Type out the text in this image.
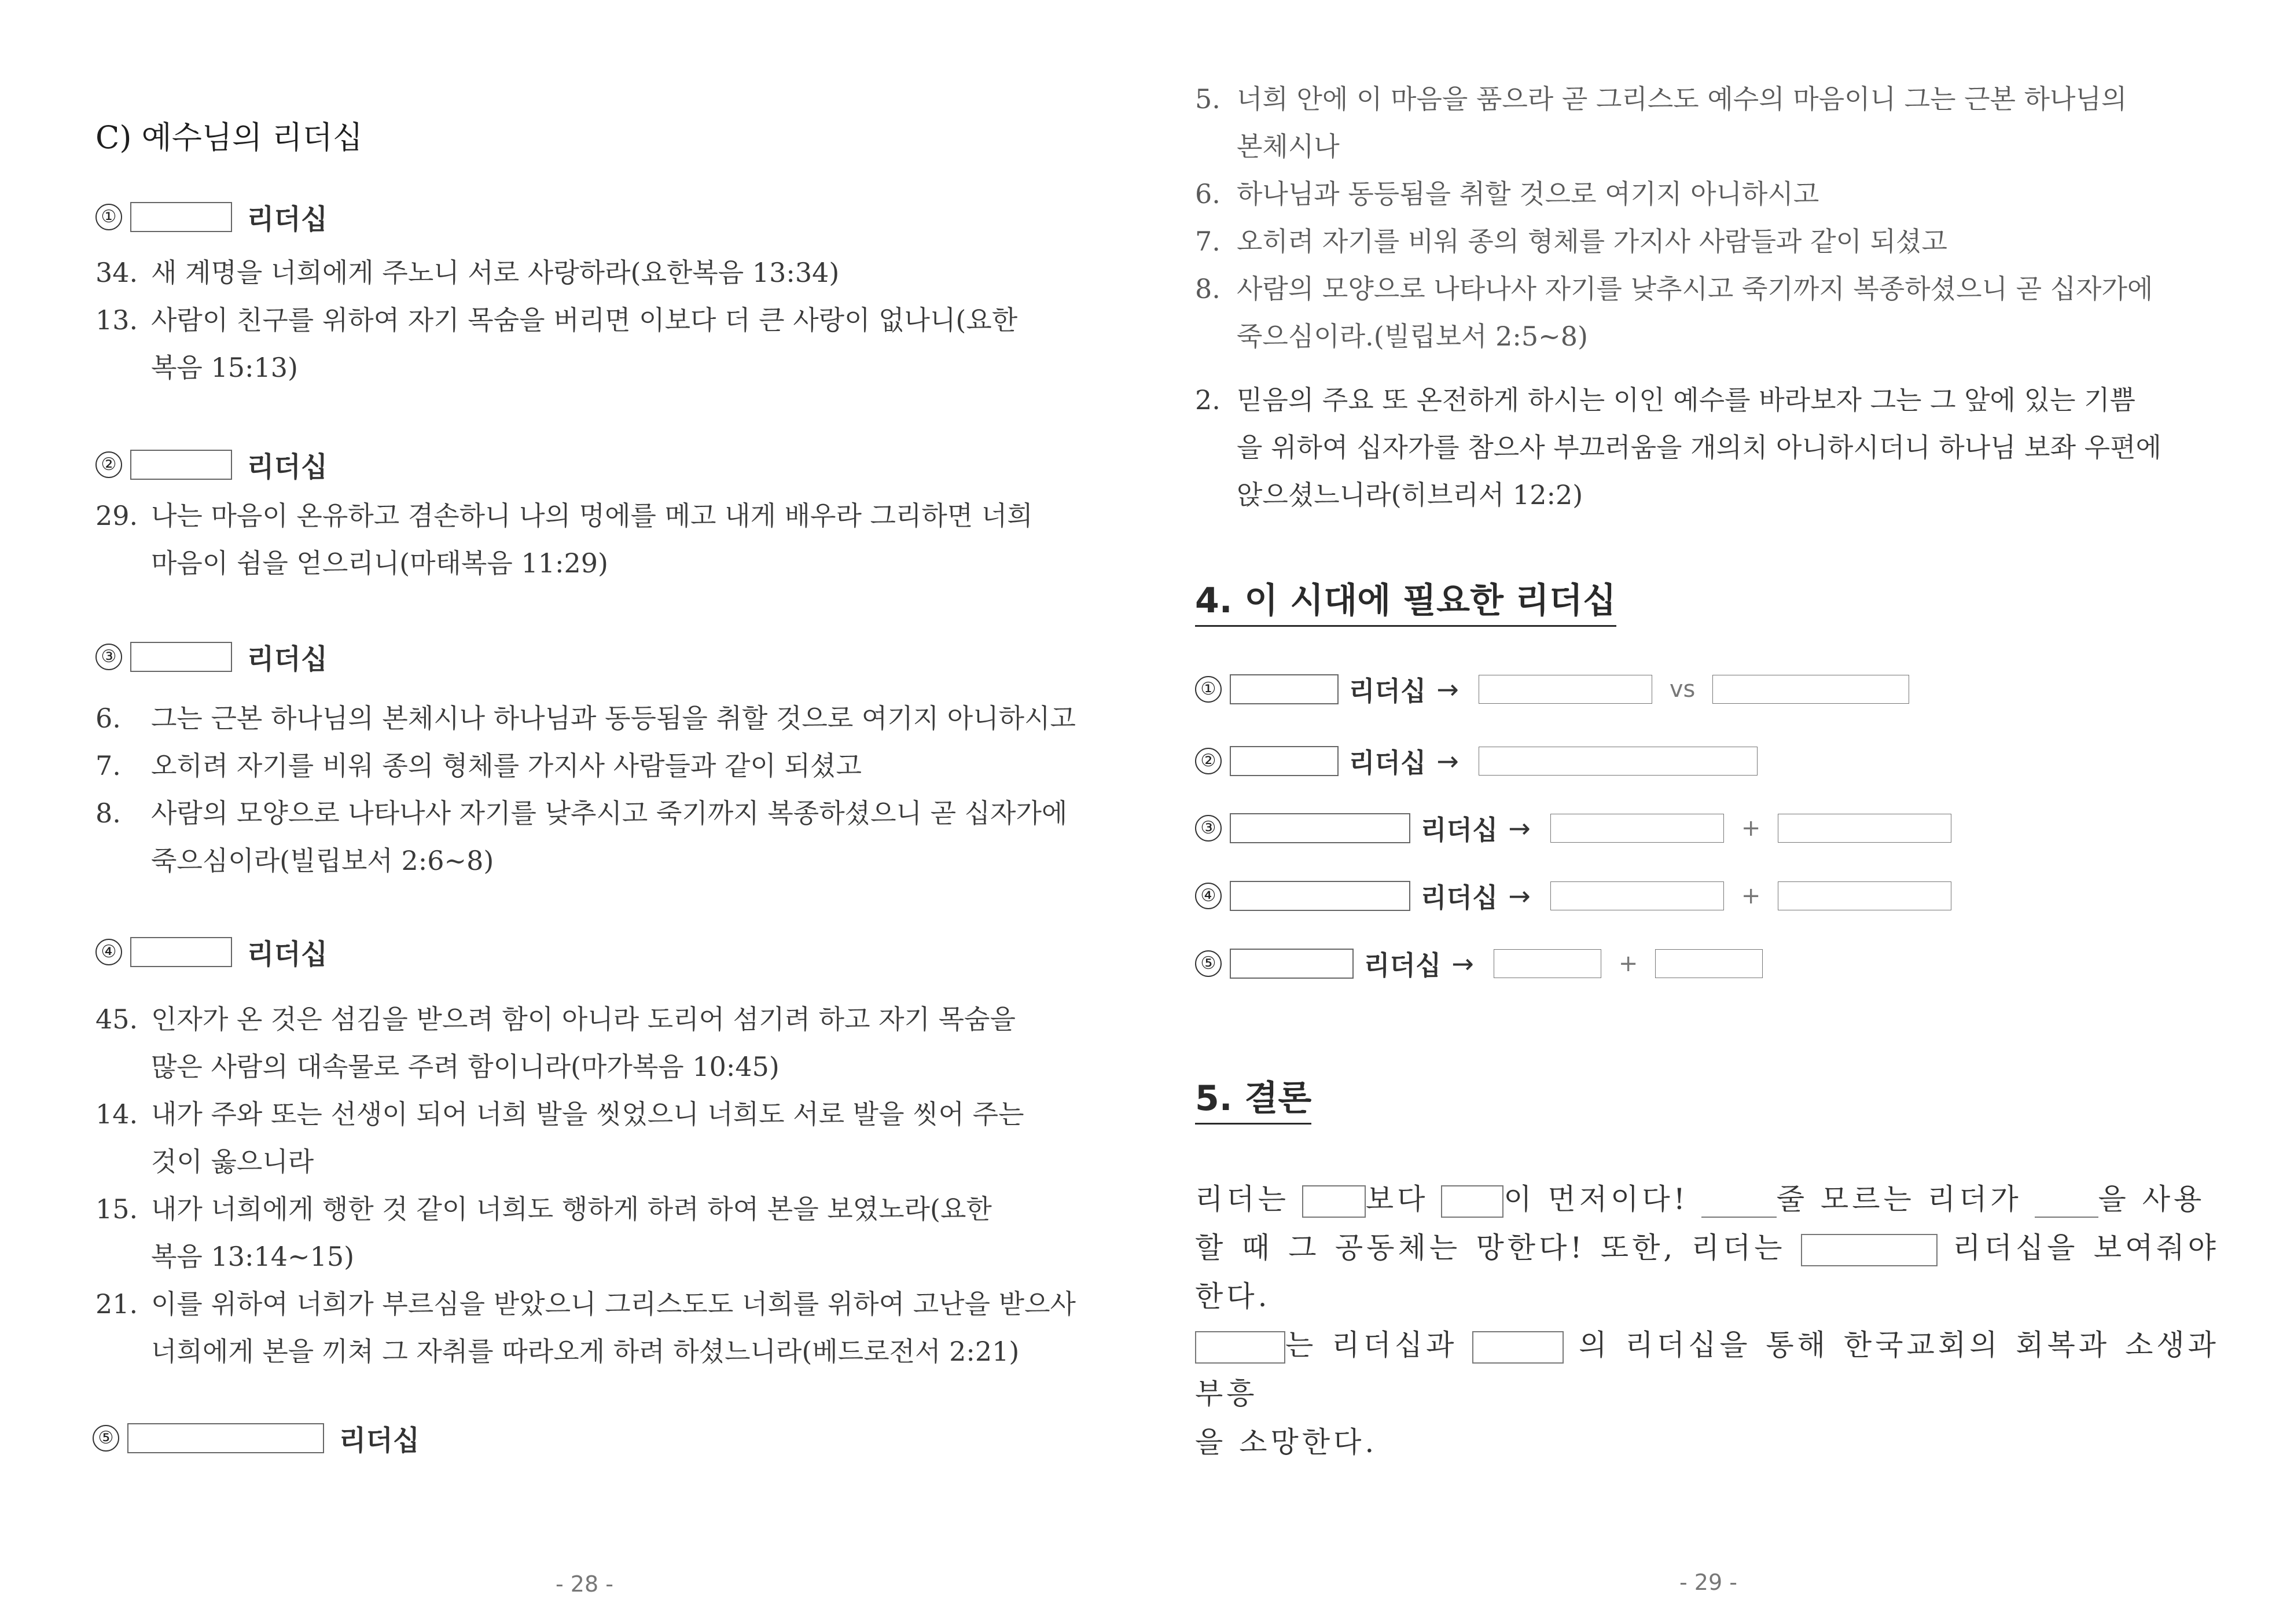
C) 예수님의 리더십
①	리더십
34. 새 계명을 너희에게 주노니 서로 사랑하라(요한복음 13:34)
13. 사람이 친구를 위하여 자기 목숨을 버리면 이보다 더 큰 사랑이 없나니(요한
복음 15:13)
②	리더십
29. 나는 마음이 온유하고 겸손하니 나의 멍에를 메고 내게 배우라 그리하면 너희
마음이 쉼을 얻으리니(마태복음 11:29)
③	리더십
6.	그는 근본 하나님의 본체시나 하나님과 동등됨을 취할 것으로 여기지 아니하시고
7.	오히려 자기를 비워 종의 형체를 가지사 사람들과 같이 되셨고
8.	사람의 모양으로 나타나사 자기를 낮추시고 죽기까지 복종하셨으니 곧 십자가에
죽으심이라(빌립보서 2:6~8)
④	리더십
45. 인자가 온 것은 섬김을 받으려 함이 아니라 도리어 섬기려 하고 자기 목숨을
많은 사람의 대속물로 주려 함이니라(마가복음 10:45)
14. 내가 주와 또는 선생이 되어 너희 발을 씻었으니 너희도 서로 발을 씻어 주는
것이 옳으니라
15. 내가 너희에게 행한 것 같이 너희도 행하게 하려 하여 본을 보였노라(요한
복음 13:14~15)
21. 이를 위하여 너희가 부르심을 받았으니 그리스도도 너희를 위하여 고난을 받으사
너희에게 본을 끼쳐 그 자취를 따라오게 하려 하셨느니라(베드로전서 2:21)
⑤	리더십
- 28 -
5. 너희 안에 이 마음을 품으라 곧 그리스도 예수의 마음이니 그는 근본 하나님의
본체시나
6. 하나님과 동등됨을 취할 것으로 여기지 아니하시고
7. 오히려 자기를 비워 종의 형체를 가지사 사람들과 같이 되셨고
8. 사람의 모양으로 나타나사 자기를 낮추시고 죽기까지 복종하셨으니 곧 십자가에
죽으심이라.(빌립보서 2:5~8)
2. 믿음의 주요 또 온전하게 하시는 이인 예수를 바라보자 그는 그 앞에 있는 기쁨
을 위하여 십자가를 참으사 부끄러움을 개의치 아니하시더니 하나님 보좌 우편에
앉으셨느니라(히브리서 12:2)
4. 이 시대에 필요한 리더십
①	리더십 →	vs
②	리더십 →
③	리더십 →	+
④	리더십 →	+
⑤	리더십 →	+
5. 결론
리더는	보다	이 먼저이다!	줄 모르는 리더가	을 사용
할 때 그 공동체는 망한다! 또한, 리더는	리더십을 보여줘야 한다.
는 리더십과	의 리더십을 통해 한국교회의 회복과 소생과 부흥
을 소망한다.
- 29 -
